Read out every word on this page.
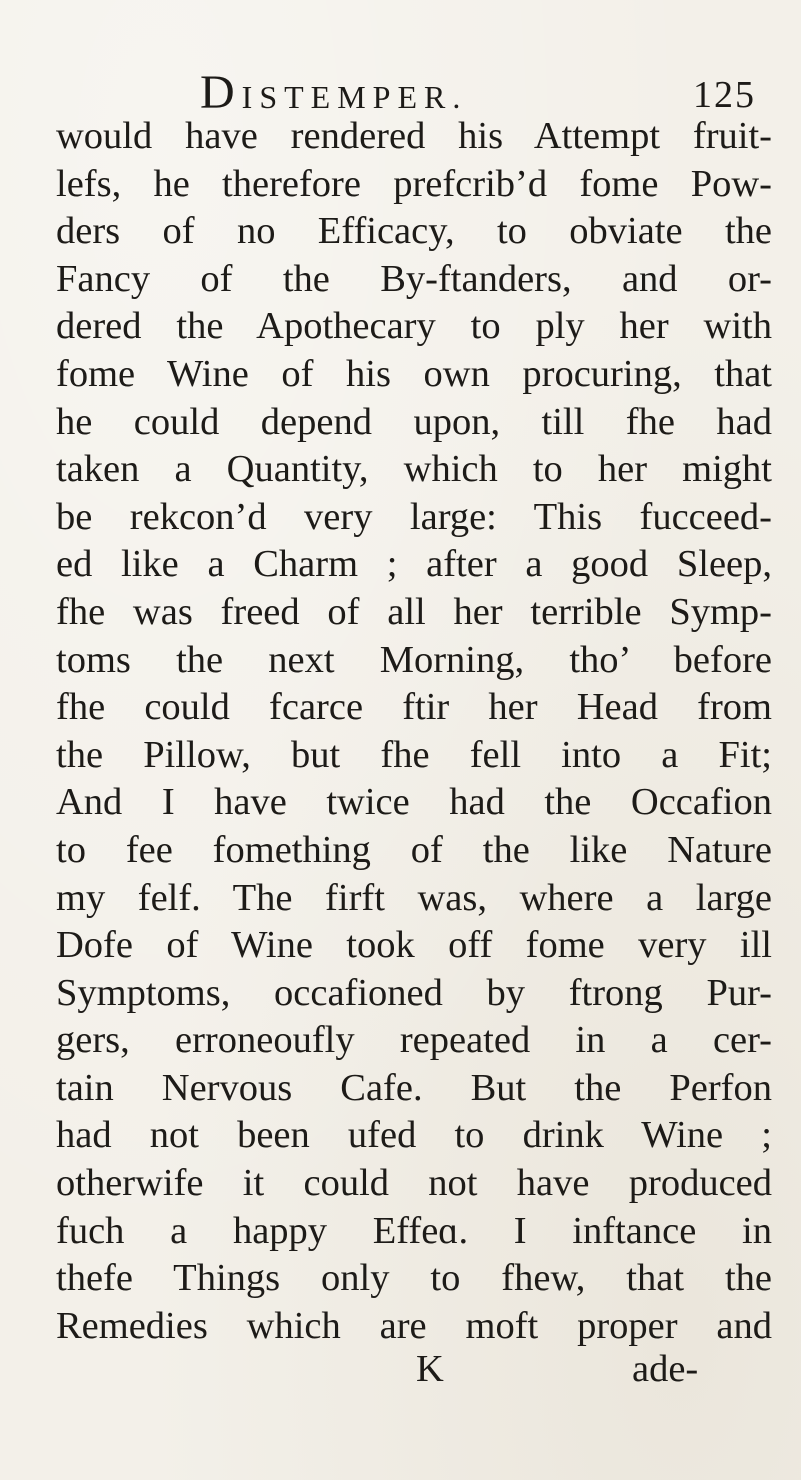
DISTEMPER.	125
would have rendered his Attempt fruit-
lefs, he therefore prefcrib’d fome Pow-
ders of no Efficacy, to obviate the
Fancy of the By-ftanders, and or-
dered the Apothecary to ply her with
fome Wine of his own procuring, that
he could depend upon, till fhe had
taken a Quantity, which to her might
be rekcon’d very large: This fucceed-
ed like a Charm ; after a good Sleep,
fhe was freed of all her terrible Symp-
toms the next Morning, tho’ before
fhe could fcarce ftir her Head from
the Pillow, but fhe fell into a Fit;
And I have twice had the Occafion
to fee fomething of the like Nature
my felf. The firft was, where a large
Dofe of Wine took off fome very ill
Symptoms, occafioned by ftrong Pur-
gers, erroneoufly repeated in a cer-
tain Nervous Cafe. But the Perfon
had not been ufed to drink Wine ;
otherwife it could not have produced
fuch a happy Effeɑ. I inftance in
thefe Things only to fhew, that the
Remedies which are moft proper and
K	ade-
